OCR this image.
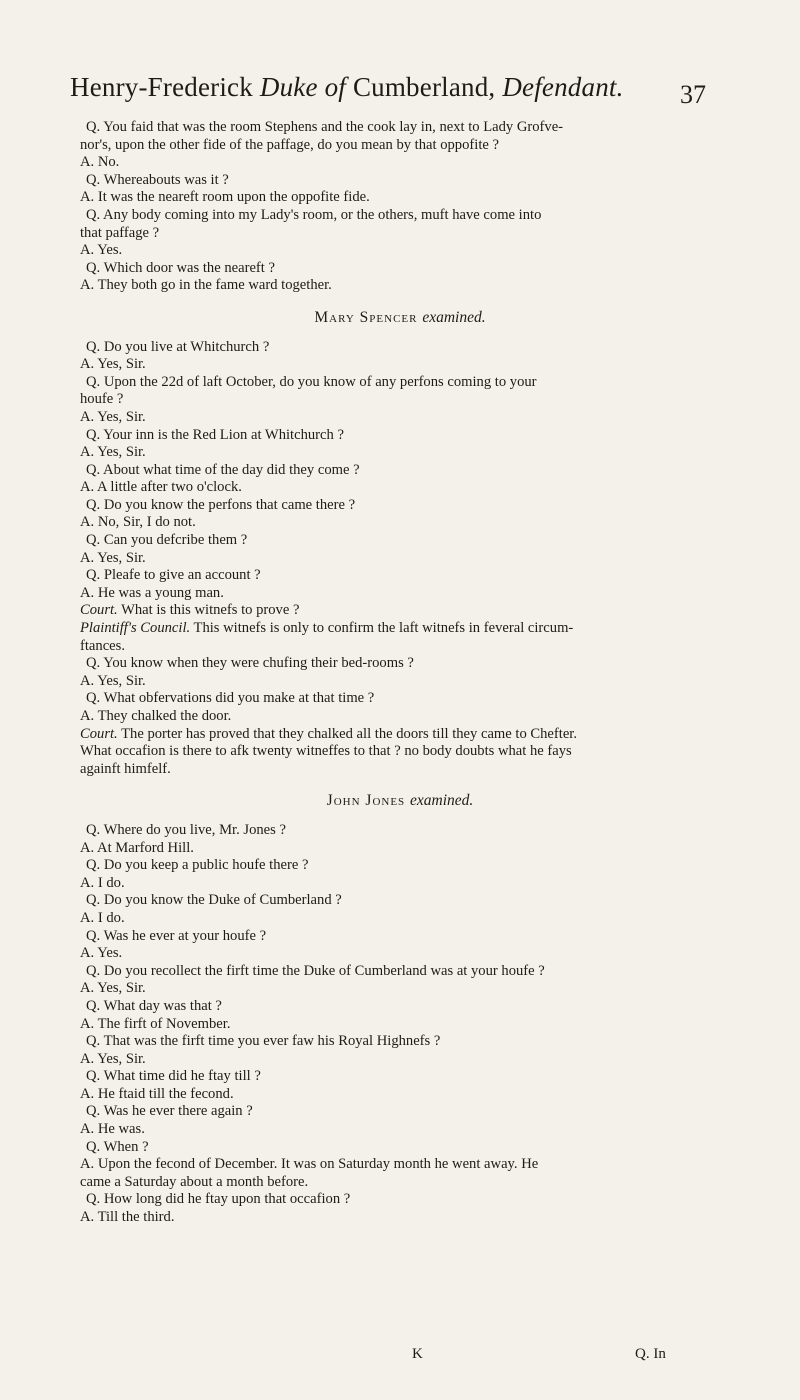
Henry-Frederick Duke of Cumberland, Defendant. 37
Q. You faid that was the room Stephens and the cook lay in, next to Lady Grofve-
nor's, upon the other fide of the paffage, do you mean by that oppofite ?
A. No.
Q. Whereabouts was it ?
A. It was the neareft room upon the oppofite fide.
Q. Any body coming into my Lady's room, or the others, muft have come into
that paffage ?
A. Yes.
Q. Which door was the neareft ?
A. They both go in the fame ward together.
Mary Spencer examined.
Q. Do you live at Whitchurch ?
A. Yes, Sir.
Q. Upon the 22d of laft October, do you know of any perfons coming to your
houfe ?
A. Yes, Sir.
Q. Your inn is the Red Lion at Whitchurch ?
A. Yes, Sir.
Q. About what time of the day did they come ?
A. A little after two o'clock.
Q. Do you know the perfons that came there ?
A. No, Sir, I do not.
Q. Can you defcribe them ?
A. Yes, Sir.
Q. Pleafe to give an account ?
A. He was a young man.
Court. What is this witnefs to prove ?
Plaintiff's Council. This witnefs is only to confirm the laft witnefs in feveral circum-
ftances.
Q. You know when they were chufing their bed-rooms ?
A. Yes, Sir.
Q. What obfervations did you make at that time ?
A. They chalked the door.
Court. The porter has proved that they chalked all the doors till they came to Chefter.
What occafion is there to afk twenty witneffes to that ? no body doubts what he fays
againft himfelf.
John Jones examined.
Q. Where do you live, Mr. Jones ?
A. At Marford Hill.
Q. Do you keep a public houfe there ?
A. I do.
Q. Do you know the Duke of Cumberland ?
A. I do.
Q. Was he ever at your houfe ?
A. Yes.
Q. Do you recollect the firft time the Duke of Cumberland was at your houfe ?
A. Yes, Sir.
Q. What day was that ?
A. The firft of November.
Q. That was the firft time you ever faw his Royal Highnefs ?
A. Yes, Sir.
Q. What time did he ftay till ?
A. He ftaid till the fecond.
Q. Was he ever there again ?
A. He was.
Q. When ?
A. Upon the fecond of December. It was on Saturday month he went away. He
came a Saturday about a month before.
Q. How long did he ftay upon that occafion ?
A. Till the third.
K	Q. In
